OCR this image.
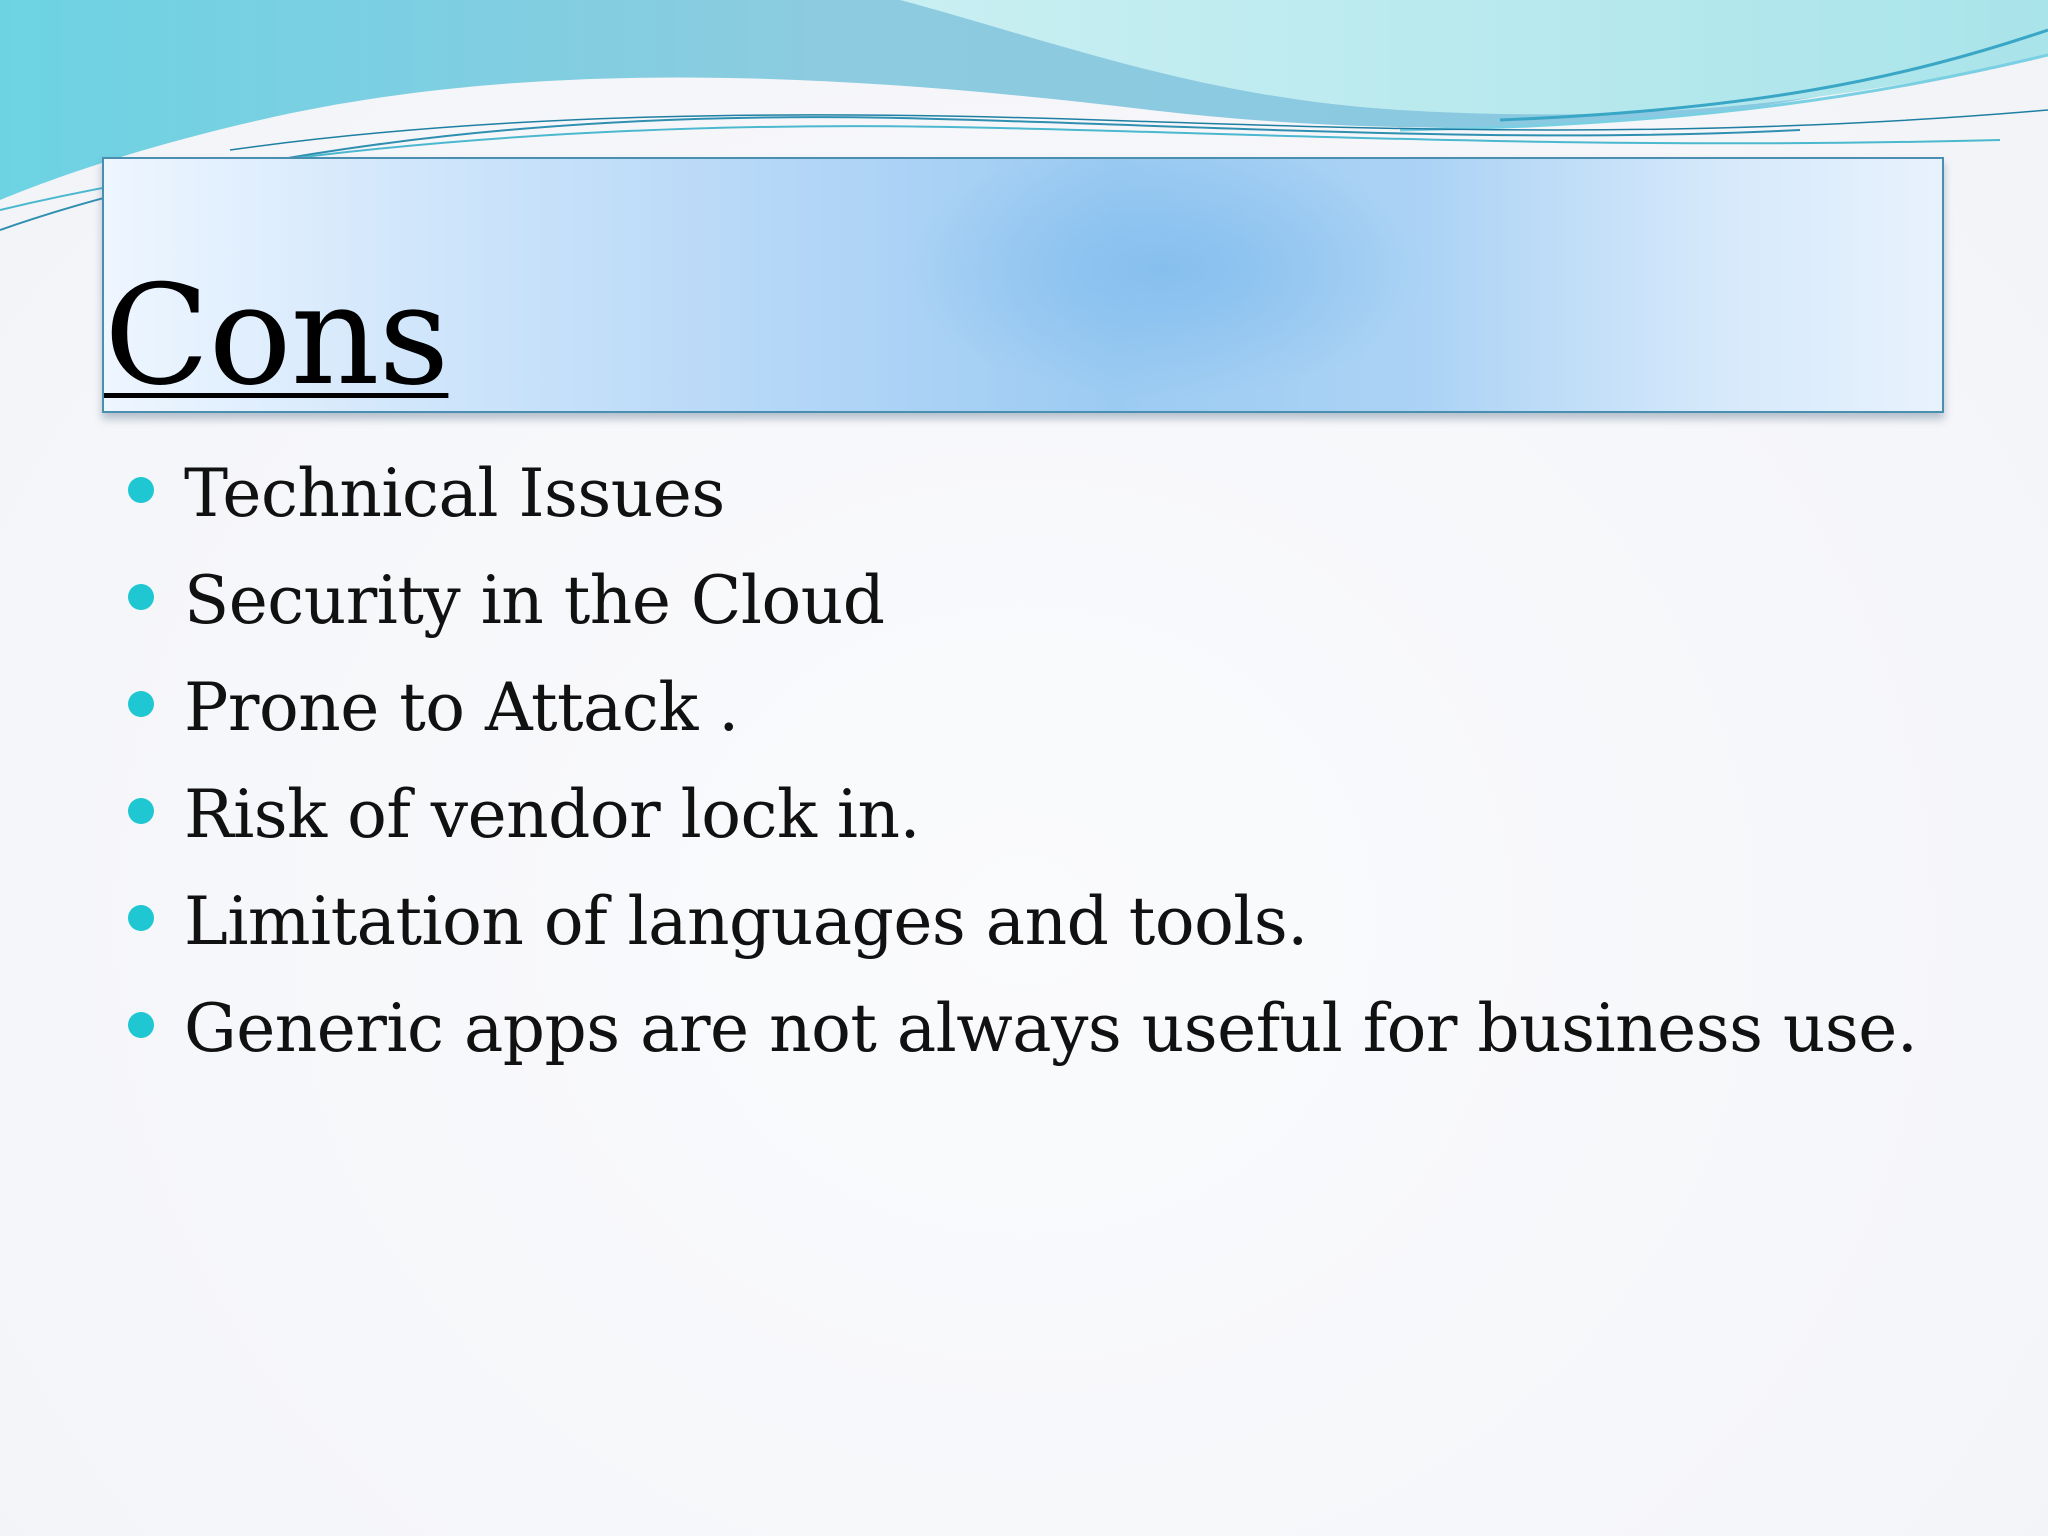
Cons
Technical Issues
Security in the Cloud
Prone to Attack .
Risk of vendor lock in.
Limitation of languages and tools.
Generic apps are not always useful for business use.
